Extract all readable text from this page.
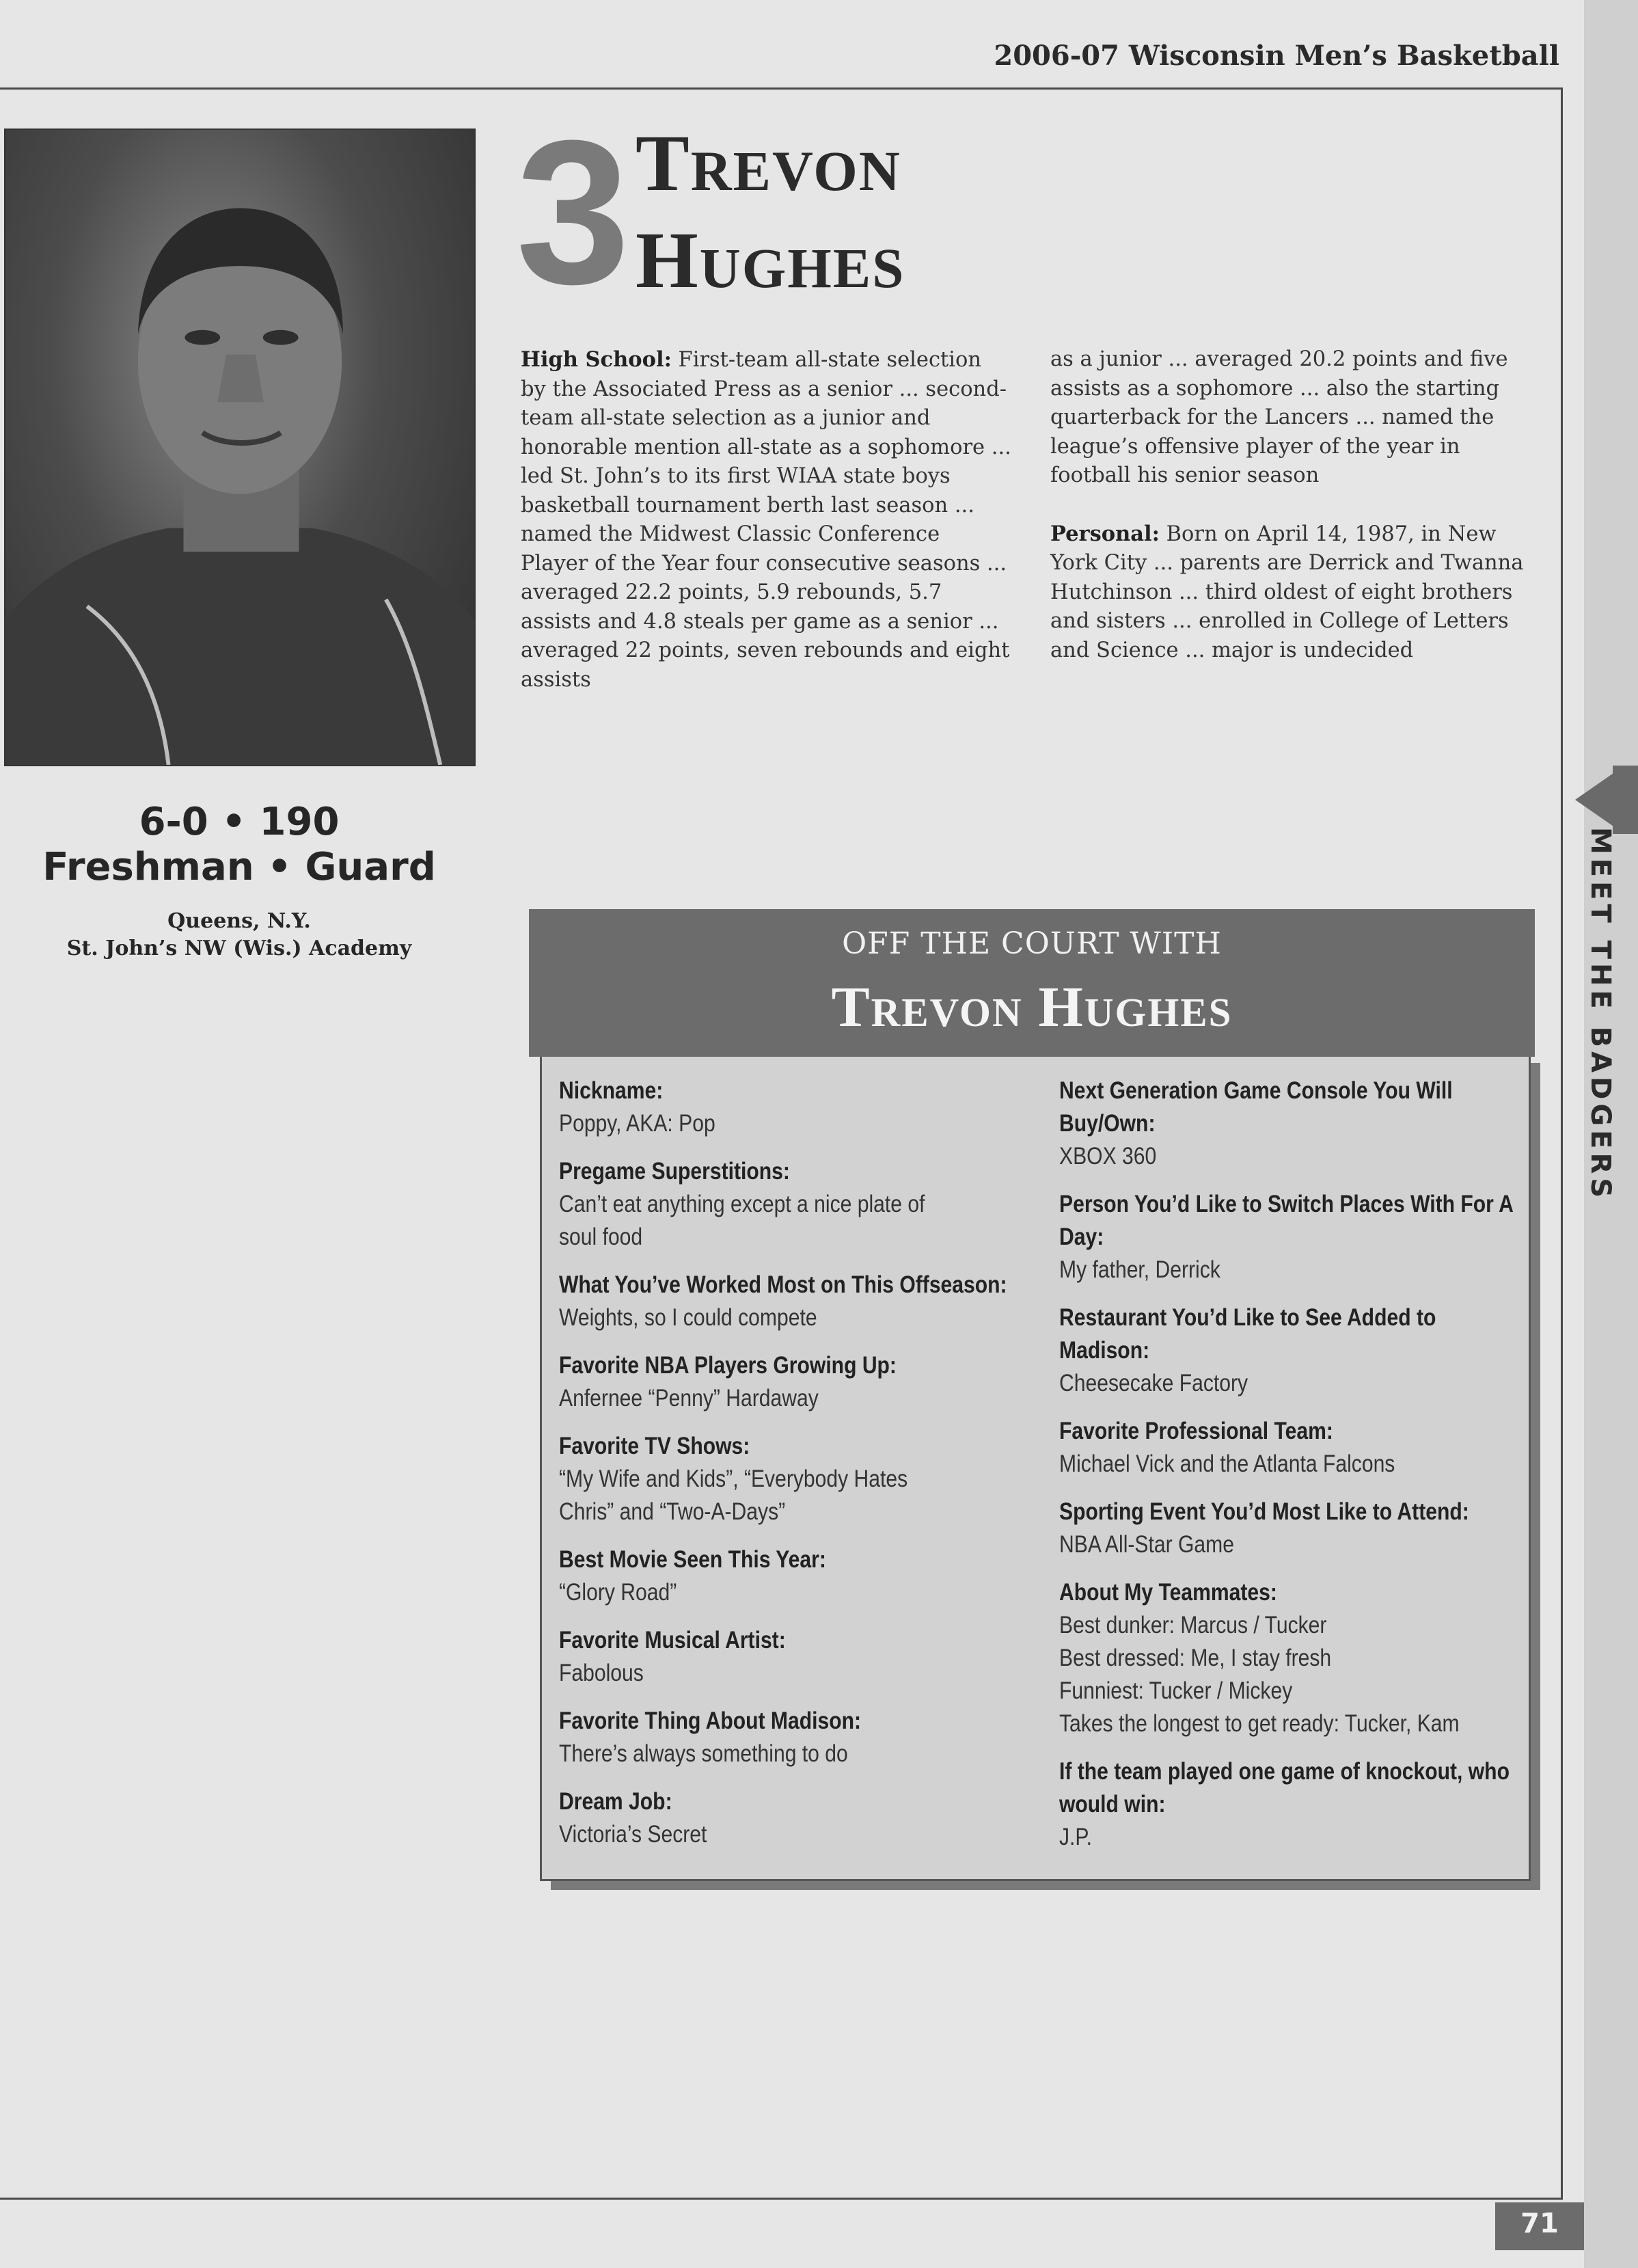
2006-07 Wisconsin Men’s Basketball
3 Trevon
Hughes

High School: First-team all-state selection by the Associated Press as a senior ... second-team all-state selection as a junior and honorable mention all-state as a sophomore ... led St. John’s to its first WIAA state boys basketball tournament berth last season ... named the Midwest Classic Conference Player of the Year four consecutive seasons ... averaged 22.2 points, 5.9 rebounds, 5.7 assists and 4.8 steals per game as a senior ... averaged 22 points, seven rebounds and eight assists

as a junior ... averaged 20.2 points and five assists as a sophomore ... also the starting quarterback for the Lancers ... named the league’s offensive player of the year in football his senior season

Personal: Born on April 14, 1987, in New York City ... parents are Derrick and Twanna Hutchinson ... third oldest of eight brothers and sisters ... enrolled in College of Letters and Science ... major is undecided

6-0 • 190
Freshman • Guard
Queens, N.Y.
St. John’s NW (Wis.) Academy	MEET THE BADGERS
OFF THE COURT WITH
Trevon Hughes
Nickname:
Poppy, AKA: Pop
Pregame Superstitions:
Can’t eat anything except a nice plate of
soul food
What You’ve Worked Most on This Offseason:
Weights, so I could compete
Favorite NBA Players Growing Up:
Anfernee “Penny” Hardaway
Favorite TV Shows:
“My Wife and Kids”, “Everybody Hates
Chris” and “Two-A-Days”
Best Movie Seen This Year:
“Glory Road”
Favorite Musical Artist:
Fabolous
Favorite Thing About Madison:
There’s always something to do
Dream Job:
Victoria’s Secret
Next Generation Game Console You Will Buy/Own:
XBOX 360
Person You’d Like to Switch Places With For A Day:
My father, Derrick
Restaurant You’d Like to See Added to Madison:
Cheesecake Factory
Favorite Professional Team:
Michael Vick and the Atlanta Falcons
Sporting Event You’d Most Like to Attend:
NBA All-Star Game
About My Teammates:
Best dunker: Marcus / Tucker
Best dressed: Me, I stay fresh
Funniest: Tucker / Mickey
Takes the longest to get ready: Tucker, Kam
If the team played one game of knockout, who would win:
J.P.
71
